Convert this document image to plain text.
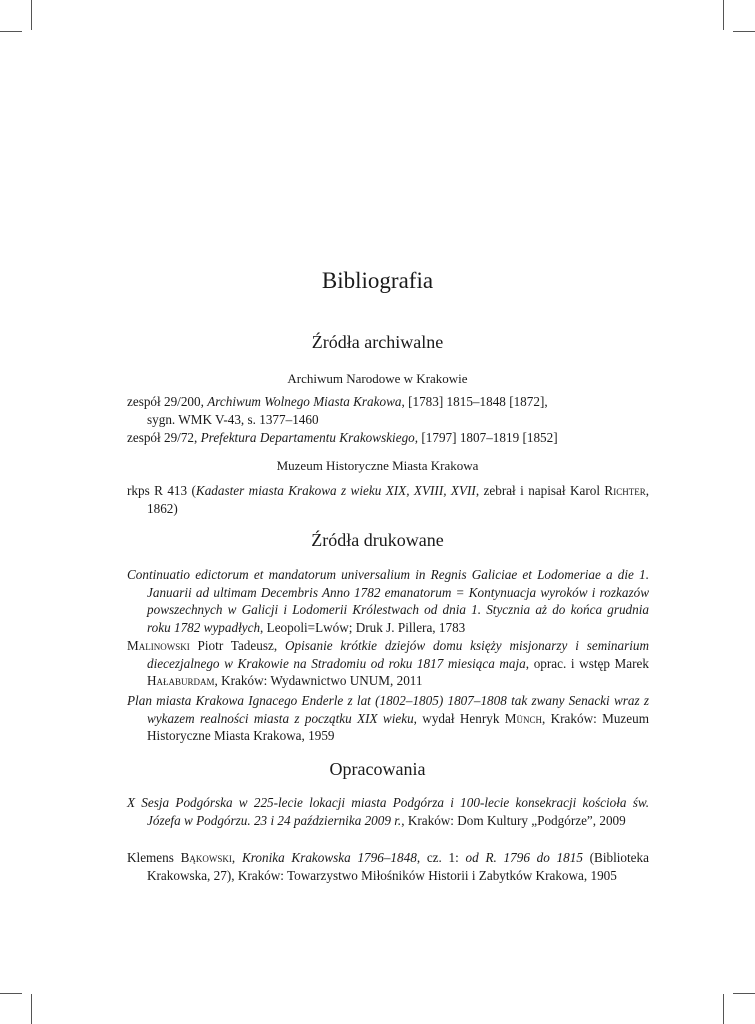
Bibliografia
Źródła archiwalne

Archiwum Narodowe w Krakowie

zespół 29/200, Archiwum Wolnego Miasta Krakowa, [1783] 1815–1848 [1872],
sygn. WMK V-43, s. 1377–1460

zespół 29/72, Prefektura Departamentu Krakowskiego, [1797] 1807–1819 [1852]

Muzeum Historyczne Miasta Krakowa

rkps R 413 (Kadaster miasta Krakowa z wieku XIX, XVIII, XVII, zebrał i napisał Karol Richter, 1862)

Źródła drukowane

Continuatio edictorum et mandatorum universalium in Regnis Galiciae et Lodomeriae a die 1. Januarii ad ultimam Decembris Anno 1782 emanatorum = Kontynuacja wyroków i rozkazów powszechnych w Galicji i Lodomerii Królestwach od dnia 1. Stycznia aż do końca grudnia roku 1782 wypadłych, Leopoli=Lwów; Druk J. Pillera, 1783

Malinowski Piotr Tadeusz, Opisanie krótkie dziejów domu księży misjonarzy i seminarium diecezjalnego w Krakowie na Stradomiu od roku 1817 miesiąca maja, oprac. i wstęp Marek Hałaburdam, Kraków: Wydawnictwo UNUM, 2011

Plan miasta Krakowa Ignacego Enderle z lat (1802–1805) 1807–1808 tak zwany Senacki wraz z wykazem realności miasta z początku XIX wieku, wydał Henryk Münch, Kraków: Muzeum Historyczne Miasta Krakowa, 1959

Opracowania

X Sesja Podgórska w 225-lecie lokacji miasta Podgórza i 100-lecie konsekracji kościoła św. Józefa w Podgórzu. 23 i 24 października 2009 r., Kraków: Dom Kultury „Podgórze”, 2009

Klemens Bąkowski, Kronika Krakowska 1796–1848, cz. 1: od R. 1796 do 1815 (Biblioteka Krakowska, 27), Kraków: Towarzystwo Miłośników Historii i Zabytków Krakowa, 1905
